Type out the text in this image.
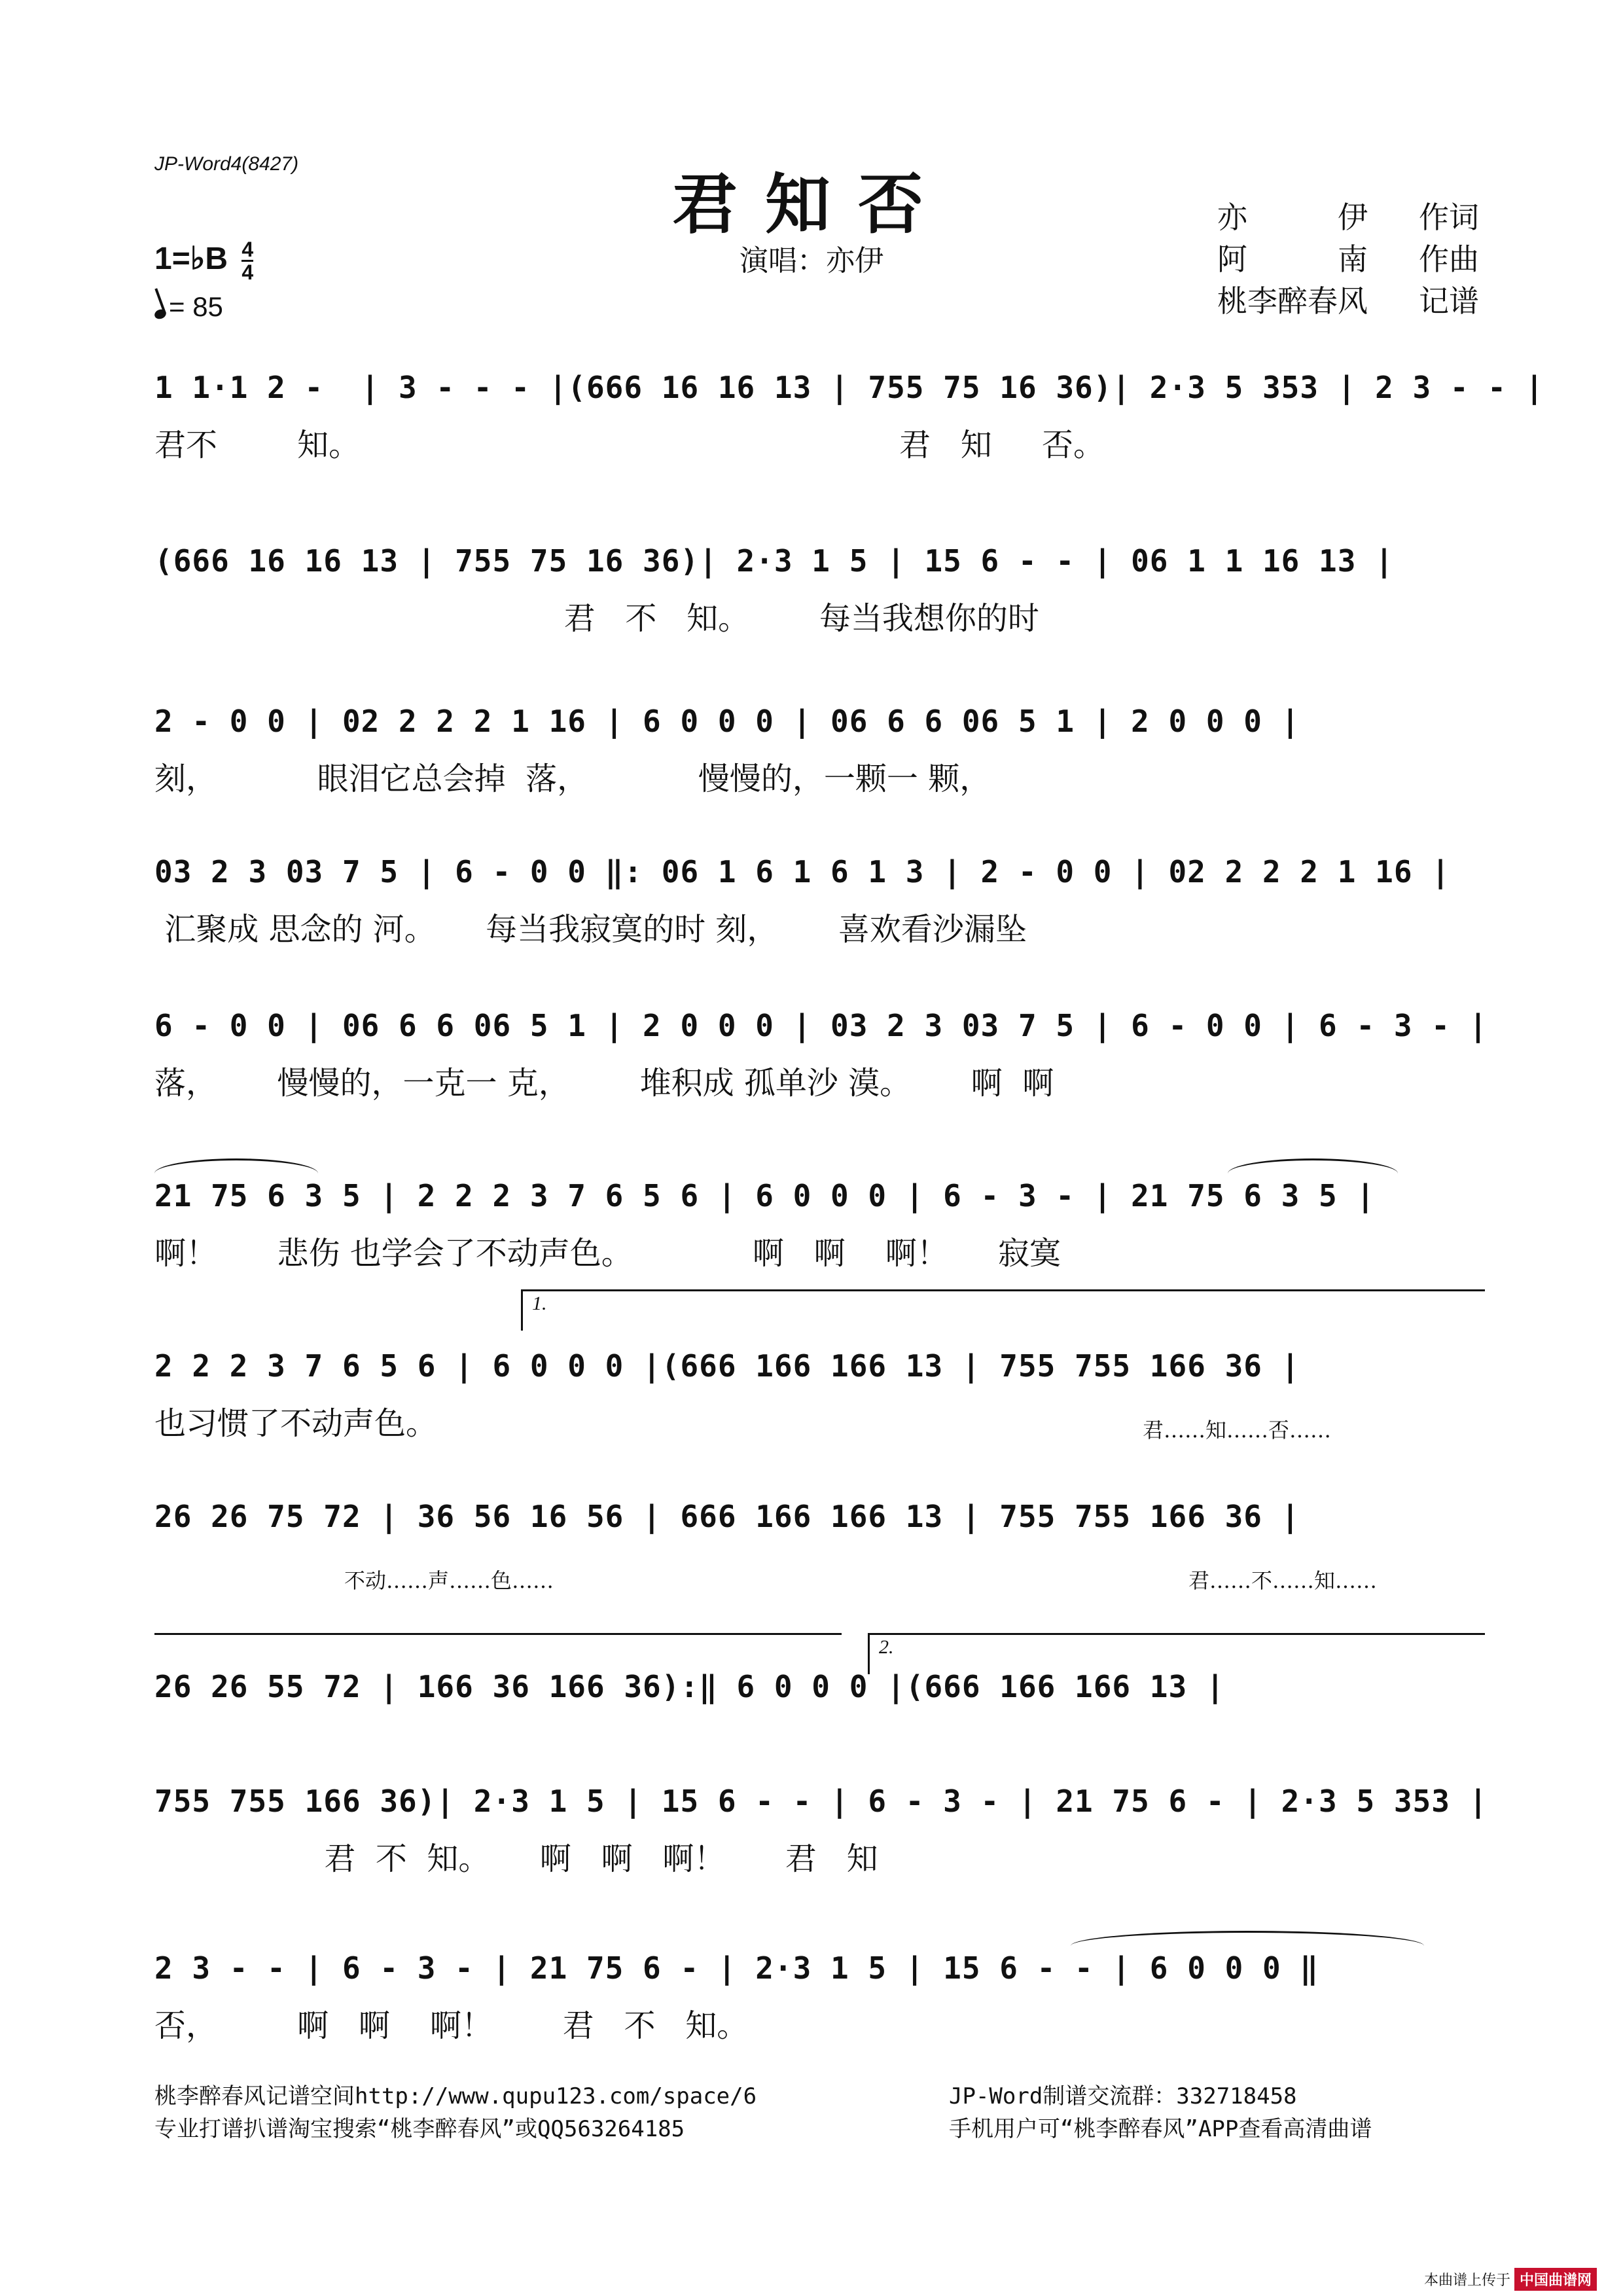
JP-Word4(8427)
君知否
演唱：亦伊
亦　　　伊 作词
阿　　　南 作曲
桃李醉春风 记谱
1=♭B $\frac{4}{4}$
= 85
1 1·1 2 -  | 3 - - - |(666 16 16 13 | 755 75 16 36)| 2·3 5 353 | 2 3 - - |
君不        知。                                                      君   知     否。
(666 16 16 13 | 755 75 16 36)| 2·3 1 5 | 15 6 - - | 06 1 1 16 13 |
君   不   知。       每当我想你的时
2 - 0 0 | 02 2 2 2 1 16 | 6 0 0 0 | 06 6 6 06 5 1 | 2 0 0 0 |
刻，          眼泪它总会掉  落，           慢慢的，一颗一 颗，
03 2 3 03 7 5 | 6 - 0 0 ‖: 06 1 6 1 6 1 3 | 2 - 0 0 | 02 2 2 2 1 16 |
汇聚成 思念的 河。     每当我寂寞的时 刻，      喜欢看沙漏坠
6 - 0 0 | 06 6 6 06 5 1 | 2 0 0 0 | 03 2 3 03 7 5 | 6 - 0 0 | 6 - 3 - |
落，      慢慢的，一克一 克，       堆积成 孤单沙 漠。      啊  啊
21 75 6 3 5 | 2 2 2 3 7 6 5 6 | 6 0 0 0 | 6 - 3 - | 21 75 6 3 5 |
啊！      悲伤 也学会了不动声色。            啊   啊    啊！     寂寞
1.
2 2 2 3 7 6 5 6 | 6 0 0 0 |(666 166 166 13 | 755 755 166 36 |
也习惯了不动声色。	君……知……否……
26 26 75 72 | 36 56 16 56 | 666 166 166 13 | 755 755 166 36 |
不动……声……色……	君……不……知……
2.
26 26 55 72 | 166 36 166 36):‖ 6 0 0 0 |(666 166 166 13 |
755 755 166 36)| 2·3 1 5 | 15 6 - - | 6 - 3 - | 21 75 6 - | 2·3 5 353 |
君  不  知。     啊   啊   啊！      君   知
2 3 - - | 6 - 3 - | 21 75 6 - | 2·3 1 5 | 15 6 - - | 6 0 0 0 ‖
否，        啊   啊    啊！       君   不   知。
桃李醉春风记谱空间http://www.qupu123.com/space/6
专业打谱扒谱淘宝搜索“桃李醉春风”或QQ563264185
JP-Word制谱交流群：332718458
手机用户可“桃李醉春风”APP查看高清曲谱
本曲谱上传于 中国曲谱网
